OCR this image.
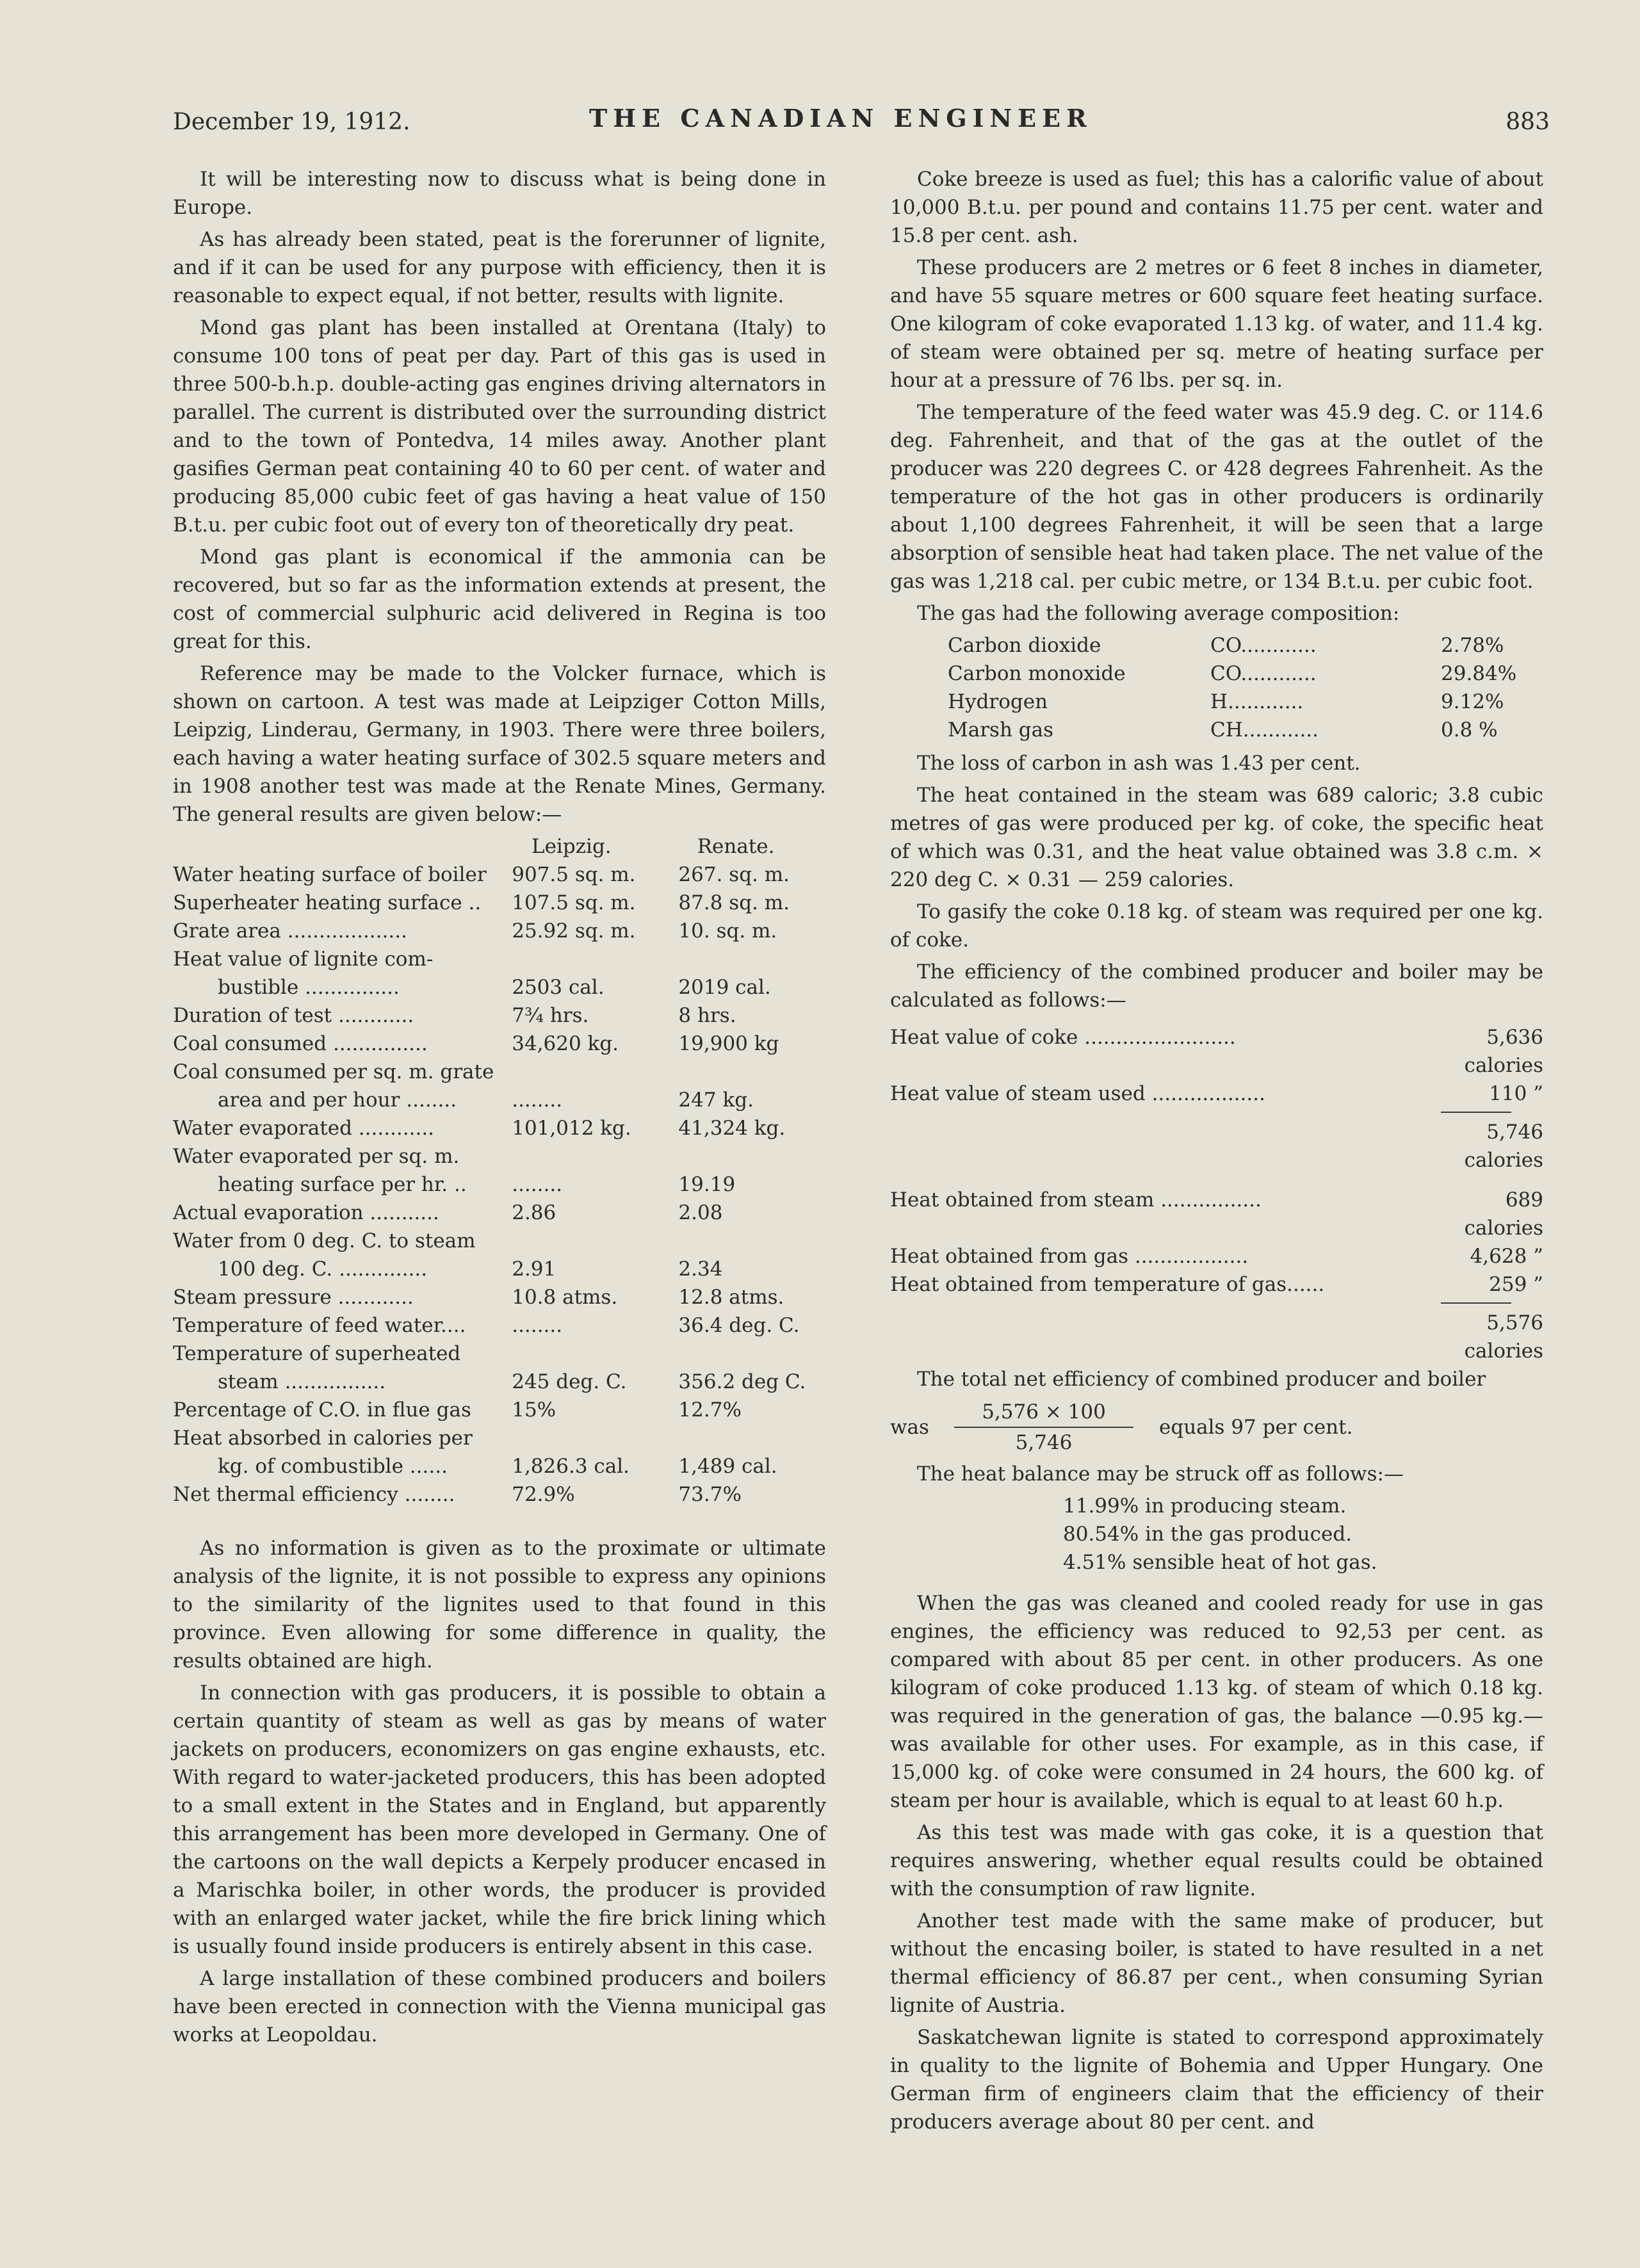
December 19, 1912.	THE CANADIAN ENGINEER	883

It will be interesting now to discuss what is being done in Europe.

As has already been stated, peat is the forerunner of lignite, and if it can be used for any purpose with efficiency, then it is reasonable to expect equal, if not better, results with lignite.

Mond gas plant has been installed at Orentana (Italy) to consume 100 tons of peat per day. Part of this gas is used in three 500-b.h.p. double-acting gas engines driving alternators in parallel. The current is distributed over the surrounding district and to the town of Pontedva, 14 miles away. Another plant gasifies German peat containing 40 to 60 per cent. of water and producing 85,000 cubic feet of gas having a heat value of 150 B.t.u. per cubic foot out of every ton of theoretically dry peat.

Mond gas plant is economical if the ammonia can be recovered, but so far as the information extends at present, the cost of commercial sulphuric acid delivered in Regina is too great for this.

Reference may be made to the Volcker furnace, which is shown on cartoon. A test was made at Leipziger Cotton Mills, Leipzig, Linderau, Germany, in 1903. There were three boilers, each having a water heating surface of 302.5 square meters and in 1908 another test was made at the Renate Mines, Germany. The general results are given below:—

Leipzig.	Renate.
Water heating surface of boiler	907.5 sq. m.	267. sq. m.
Superheater heating surface ..	107.5 sq. m.	87.8 sq. m.
Grate area ...................	25.92 sq. m.	10. sq. m.
Heat value of lignite com-
bustible ...............	2503 cal.	2019 cal.
Duration of test ............	7¾ hrs.	8 hrs.
Coal consumed ...............	34,620 kg.	19,900 kg
Coal consumed per sq. m. grate
area and per hour ........	........	247 kg.
Water evaporated ............	101,012 kg.	41,324 kg.
Water evaporated per sq. m.
heating surface per hr. ..	........	19.19
Actual evaporation ...........	2.86	2.08
Water from 0 deg. C. to steam
100 deg. C. ..............	2.91	2.34
Steam pressure ............	10.8 atms.	12.8 atms.
Temperature of feed water....	........	36.4 deg. C.
Temperature of superheated
steam ................	245 deg. C.	356.2 deg C.
Percentage of C.O. in flue gas	15%	12.7%
Heat absorbed in calories per
kg. of combustible ......	1,826.3 cal.	1,489 cal.
Net thermal efficiency ........	72.9%	73.7%

As no information is given as to the proximate or ultimate analysis of the lignite, it is not possible to express any opinions to the similarity of the lignites used to that found in this province. Even allowing for some difference in quality, the results obtained are high.

In connection with gas producers, it is possible to obtain a certain quantity of steam as well as gas by means of water jackets on producers, economizers on gas engine exhausts, etc. With regard to water-jacketed producers, this has been adopted to a small extent in the States and in England, but apparently this arrangement has been more developed in Germany. One of the cartoons on the wall depicts a Kerpely producer encased in a Marischka boiler, in other words, the producer is provided with an enlarged water jacket, while the fire brick lining which is usually found inside producers is entirely absent in this case.

A large installation of these combined producers and boilers have been erected in connection with the Vienna municipal gas works at Leopoldau.

Coke breeze is used as fuel; this has a calorific value of about 10,000 B.t.u. per pound and contains 11.75 per cent. water and 15.8 per cent. ash.

These producers are 2 metres or 6 feet 8 inches in diameter, and have 55 square metres or 600 square feet heating surface. One kilogram of coke evaporated 1.13 kg. of water, and 11.4 kg. of steam were obtained per sq. metre of heating surface per hour at a pressure of 76 lbs. per sq. in.

The temperature of the feed water was 45.9 deg. C. or 114.6 deg. Fahrenheit, and that of the gas at the outlet of the producer was 220 degrees C. or 428 degrees Fahrenheit. As the temperature of the hot gas in other producers is ordinarily about 1,100 degrees Fahrenheit, it will be seen that a large absorption of sensible heat had taken place. The net value of the gas was 1,218 cal. per cubic metre, or 134 B.t.u. per cubic foot.

The gas had the following average composition:

Carbon dioxide	CO............	2.78%
Carbon monoxide	CO............	29.84%
Hydrogen	H............	9.12%
Marsh gas	CH............	0.8 %

The loss of carbon in ash was 1.43 per cent.

The heat contained in the steam was 689 caloric; 3.8 cubic metres of gas were produced per kg. of coke, the specific heat of which was 0.31, and the heat value obtained was 3.8 c.m. × 220 deg C. × 0.31 — 259 calories.

To gasify the coke 0.18 kg. of steam was required per one kg. of coke.

The efficiency of the combined producer and boiler may be calculated as follows:—

Heat value of coke ........................	5,636 calories
Heat value of steam used ..................	110 ”
5,746 calories
Heat obtained from steam ................	689 calories
Heat obtained from gas ..................	4,628 ”
Heat obtained from temperature of gas......	259 ”
5,576 calories

The total net efficiency of combined producer and boiler

was
5,576 × 100
5,746
equals 97 per cent.

The heat balance may be struck off as follows:—

11.99% in producing steam.
80.54% in the gas produced.
4.51% sensible heat of hot gas.

When the gas was cleaned and cooled ready for use in gas engines, the efficiency was reduced to 92,53 per cent. as compared with about 85 per cent. in other producers. As one kilogram of coke produced 1.13 kg. of steam of which 0.18 kg. was required in the generation of gas, the balance —0.95 kg.—was available for other uses. For example, as in this case, if 15,000 kg. of coke were consumed in 24 hours, the 600 kg. of steam per hour is available, which is equal to at least 60 h.p.

As this test was made with gas coke, it is a question that requires answering, whether equal results could be obtained with the consumption of raw lignite.

Another test made with the same make of producer, but without the encasing boiler, is stated to have resulted in a net thermal efficiency of 86.87 per cent., when consuming Syrian lignite of Austria.

Saskatchewan lignite is stated to correspond approximately in quality to the lignite of Bohemia and Upper Hungary. One German firm of engineers claim that the efficiency of their producers average about 80 per cent. and
